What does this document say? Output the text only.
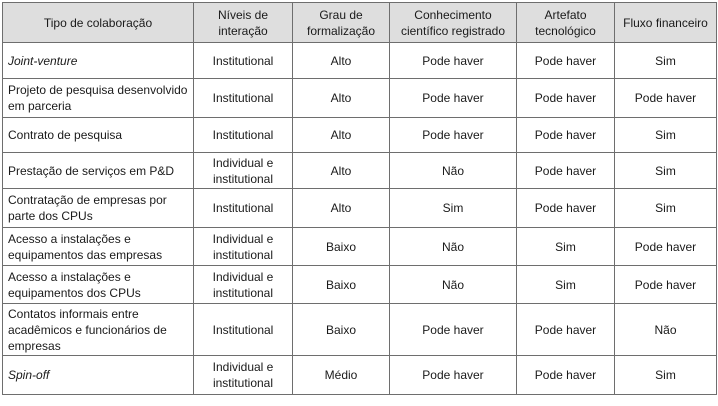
Tipo de colaboração	Níveis de interação	Grau de formalização	Conhecimento científico registrado	Artefato tecnológico	Fluxo financeiro
Joint-venture	Institutional	Alto	Pode haver	Pode haver	Sim
Projeto de pesquisa desenvolvido em parceria	Institutional	Alto	Pode haver	Pode haver	Pode haver
Contrato de pesquisa	Institutional	Alto	Pode haver	Pode haver	Sim
Prestação de serviços em P&D	Individual e institutional	Alto	Não	Pode haver	Sim
Contratação de empresas por parte dos CPUs	Institutional	Alto	Sim	Pode haver	Sim
Acesso a instalações e equipamentos das empresas	Individual e institutional	Baixo	Não	Sim	Pode haver
Acesso a instalações e equipamentos dos CPUs	Individual e institutional	Baixo	Não	Sim	Pode haver
Contatos informais entre acadêmicos e funcionários de empresas	Institutional	Baixo	Pode haver	Pode haver	Não
Spin-off	Individual e institutional	Médio	Pode haver	Pode haver	Sim
